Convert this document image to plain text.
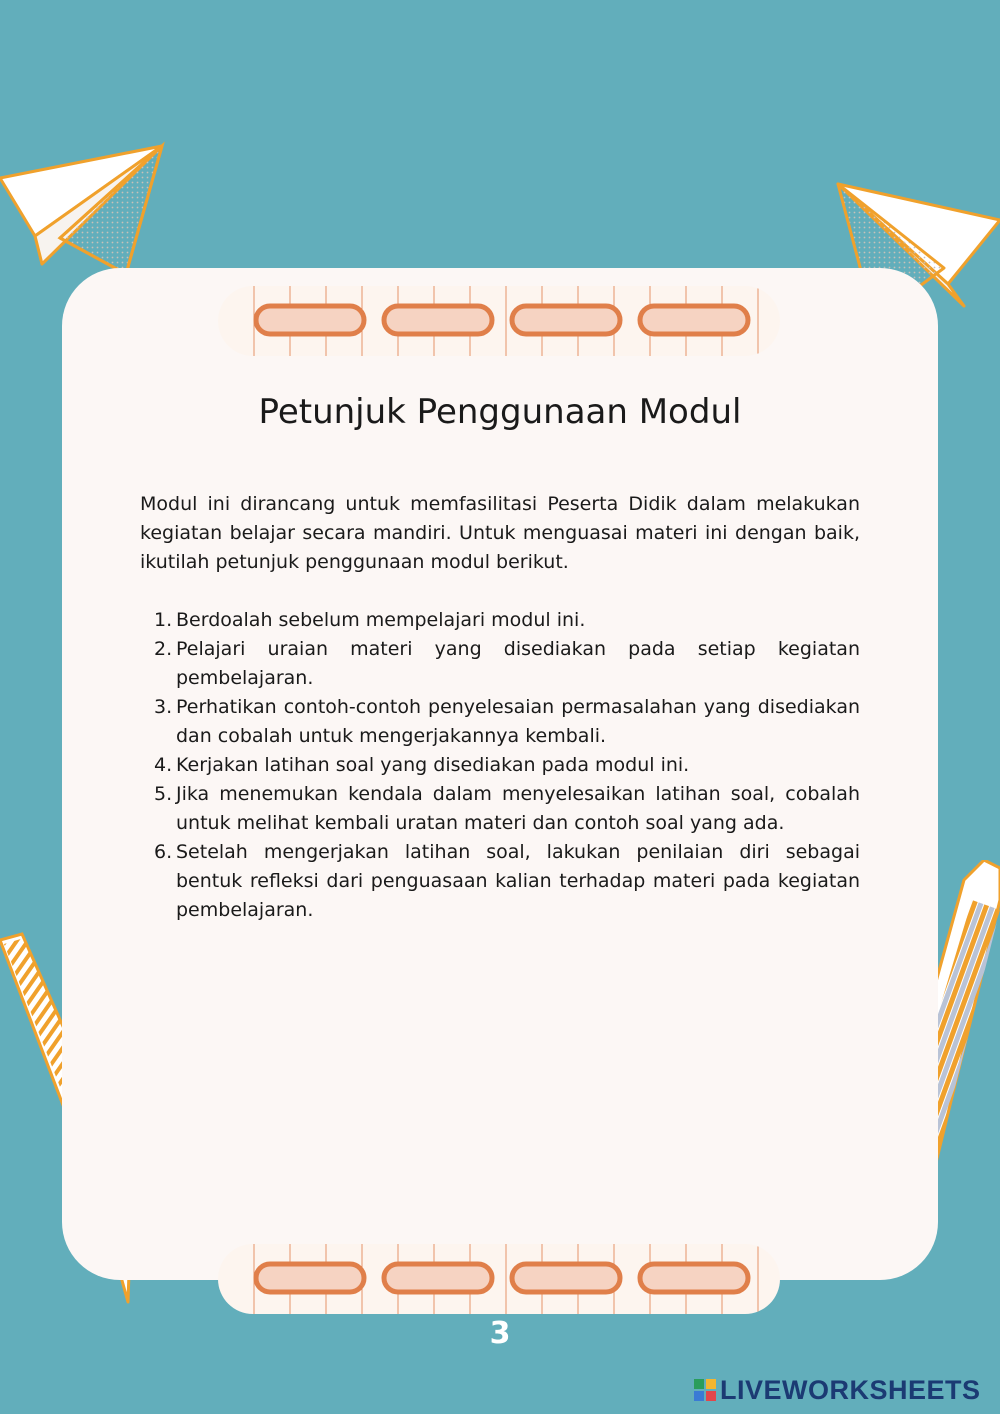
Petunjuk Penggunaan Modul

Modul ini dirancang untuk memfasilitasi Peserta Didik dalam melakukan kegiatan belajar secara mandiri. Untuk menguasai materi ini dengan baik, ikutilah petunjuk penggunaan modul berikut.

1. Berdoalah sebelum mempelajari modul ini.
2. Pelajari uraian materi yang disediakan pada setiap kegiatan pembelajaran.
3. Perhatikan contoh-contoh penyelesaian permasalahan yang disediakan dan cobalah untuk mengerjakannya kembali.
4. Kerjakan latihan soal yang disediakan pada modul ini.
5. Jika menemukan kendala dalam menyelesaikan latihan soal, cobalah untuk melihat kembali uratan materi dan contoh soal yang ada.
6. Setelah mengerjakan latihan soal, lakukan penilaian diri sebagai bentuk refleksi dari penguasaan kalian terhadap materi pada kegiatan pembelajaran.
3
LIVEWORKSHEETS
